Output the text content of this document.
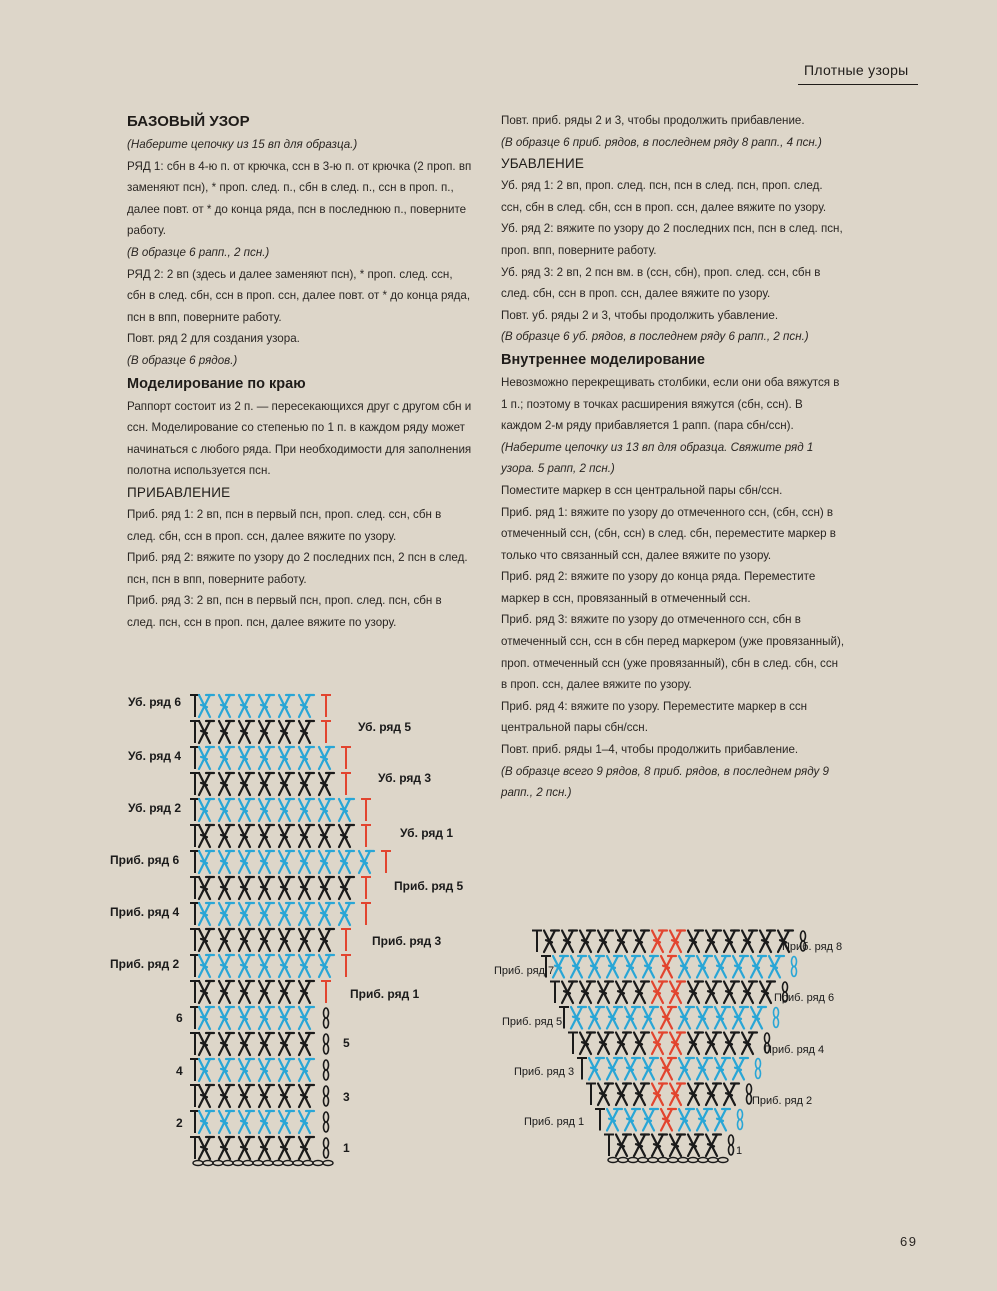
Плотные узоры

БАЗОВЫЙ УЗОР

(Наберите цепочку из 15 вп для образца.)

РЯД 1: сбн в 4-ю п. от крючка, ссн в 3-ю п. от крючка (2 проп. вп заменяют псн), * проп. след. п., сбн в след. п., ссн в проп. п., далее повт. от * до конца ряда, псн в последнюю п., поверните работу.

(В образце 6 рапп., 2 псн.)

РЯД 2: 2 вп (здесь и далее заменяют псн), * проп. след. ссн, сбн в след. сбн, ссн в проп. ссн, далее повт. от * до конца ряда, псн в впп, поверните работу.

Повт. ряд 2 для создания узора.

(В образце 6 рядов.)

Моделирование по краю

Раппорт состоит из 2 п. — пересекающихся друг с другом сбн и ссн. Моделирование со степенью по 1 п. в каждом ряду может начинаться с любого ряда. При необходимости для заполнения полотна используется псн.

ПРИБАВЛЕНИЕ

Приб. ряд 1: 2 вп, псн в первый псн, проп. след. ссн, сбн в след. сбн, ссн в проп. ссн, далее вяжите по узору.

Приб. ряд 2: вяжите по узору до 2 последних псн, 2 псн в след. псн, псн в впп, поверните работу.

Приб. ряд 3: 2 вп, псн в первый псн, проп. след. псн, сбн в след. псн, ссн в проп. псн, далее вяжите по узору.

Повт. приб. ряды 2 и 3, чтобы продолжить прибавление.

(В образце 6 приб. рядов, в последнем ряду 8 рапп., 4 псн.)

УБАВЛЕНИЕ

Уб. ряд 1: 2 вп, проп. след. псн, псн в след. псн, проп. след. ссн, сбн в след. сбн, ссн в проп. ссн, далее вяжите по узору.

Уб. ряд 2: вяжите по узору до 2 последних псн, псн в след. псн, проп. впп, поверните работу.

Уб. ряд 3: 2 вп, 2 псн вм. в (ссн, сбн), проп. след. ссн, сбн в след. сбн, ссн в проп. ссн, далее вяжите по узору.

Повт. уб. ряды 2 и 3, чтобы продолжить убавление.

(В образце 6 уб. рядов, в последнем ряду 6 рапп., 2 псн.)

Внутреннее моделирование

Невозможно перекрещивать столбики, если они оба вяжутся в 1 п.; поэтому в точках расширения вяжутся (сбн, ссн). В каждом 2-м ряду прибавляется 1 рапп. (пара сбн/ссн).

(Наберите цепочку из 13 вп для образца. Свяжите ряд 1 узора. 5 рапп, 2 псн.)

Поместите маркер в ссн центральной пары сбн/ссн.

Приб. ряд 1: вяжите по узору до отмеченного ссн, (сбн, ссн) в отмеченный ссн, (сбн, ссн) в след. сбн, переместите маркер в только что связанный ссн, далее вяжите по узору.

Приб. ряд 2: вяжите по узору до конца ряда. Переместите маркер в ссн, провязанный в отмеченный ссн.

Приб. ряд 3: вяжите по узору до отмеченного ссн, сбн в отмеченный ссн, ссн в сбн перед маркером (уже провязанный), проп. отмеченный ссн (уже провязанный), сбн в след. сбн, ссн в проп. ссн, далее вяжите по узору.

Приб. ряд 4: вяжите по узору. Переместите маркер в ссн центральной пары сбн/ссн.

Повт. приб. ряды 1–4, чтобы продолжить прибавление.

(В образце всего 9 рядов, 8 приб. рядов, в последнем ряду 9 рапп., 2 псн.)

Уб. ряд 6
Уб. ряд 4
Уб. ряд 2
Приб. ряд 6
Приб. ряд 4
Приб. ряд 2
6
4
2
Уб. ряд 5
Уб. ряд 3
Уб. ряд 1
Приб. ряд 5
Приб. ряд 3
Приб. ряд 1
5
3
1
Приб. ряд 7
Приб. ряд 5
Приб. ряд 3
Приб. ряд 1
Приб. ряд 8
Приб. ряд 6
Приб. ряд 4
Приб. ряд 2
1
69
